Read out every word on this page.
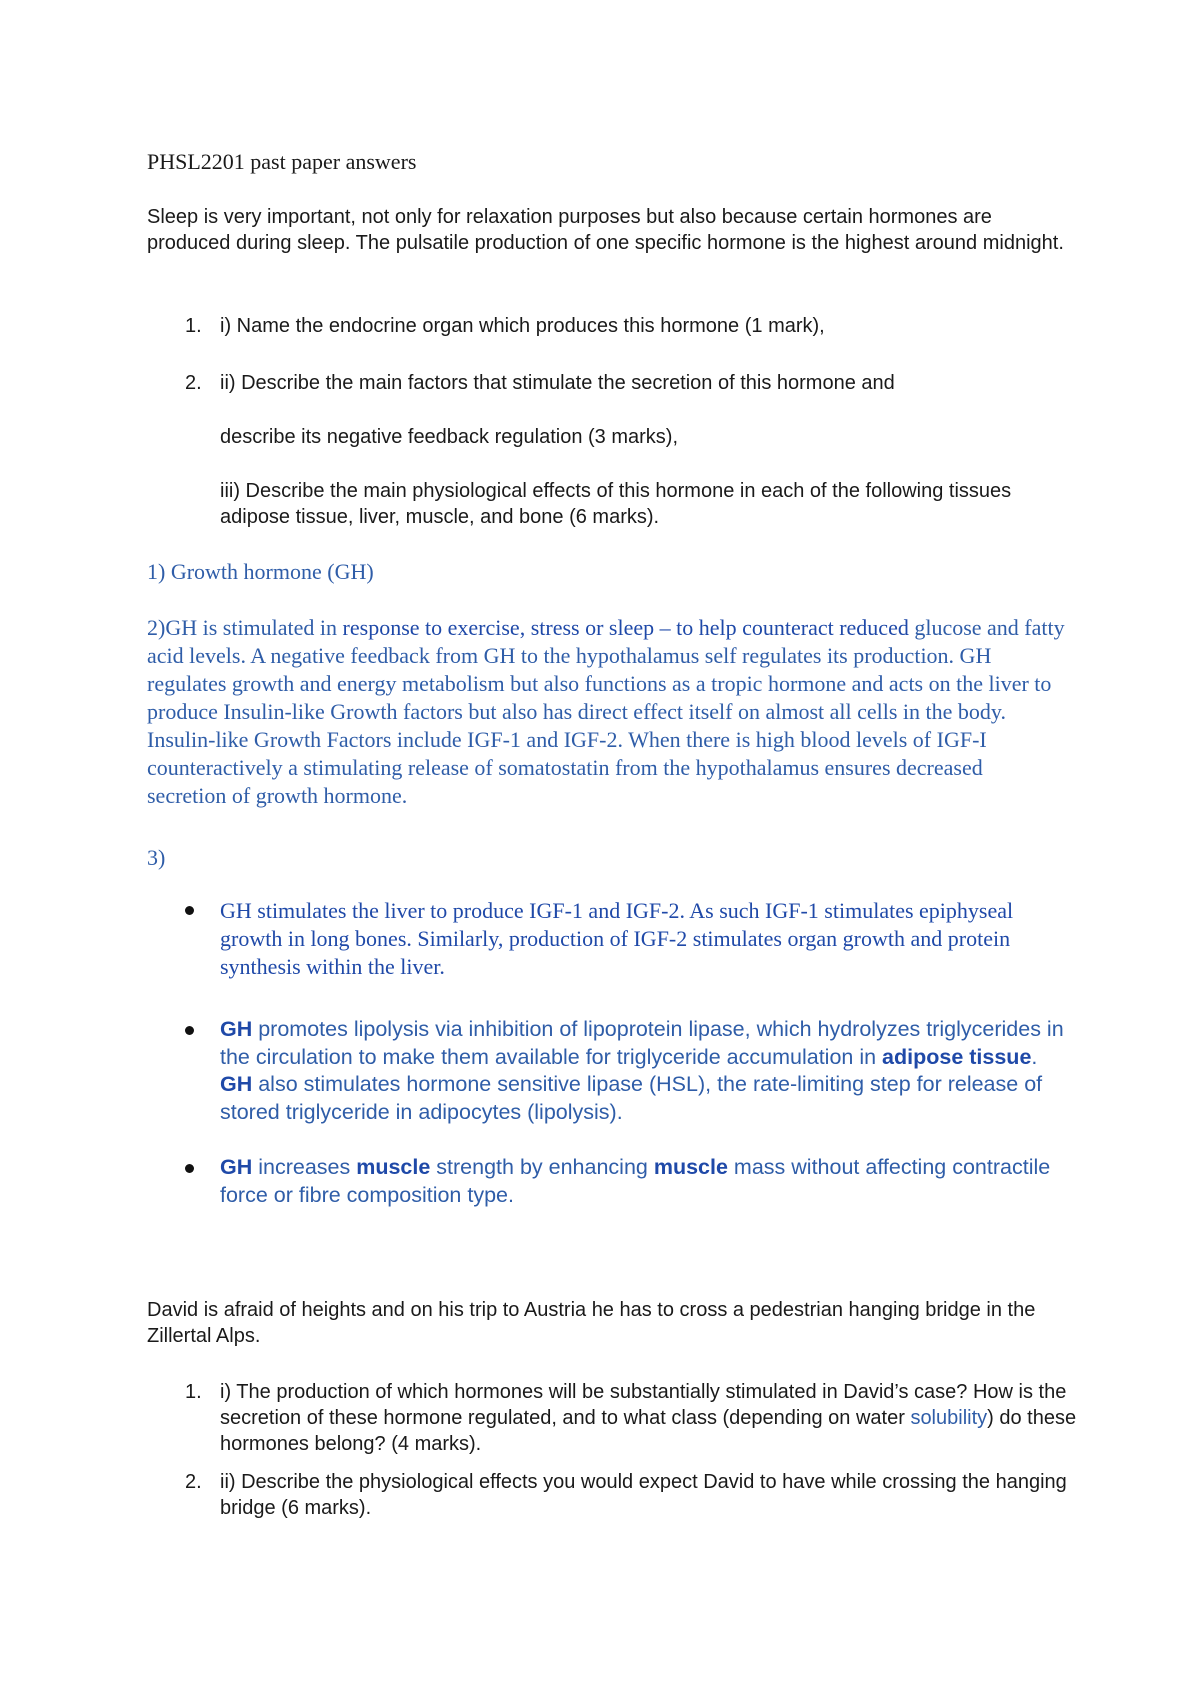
PHSL2201 past paper answers

Sleep is very important, not only for relaxation purposes but also because certain hormones are produced during sleep. The pulsatile production of one specific hormone is the highest around midnight.

1. i) Name the endocrine organ which produces this hormone (1 mark),

2. ii) Describe the main factors that stimulate the secretion of this hormone and

describe its negative feedback regulation (3 marks),

iii) Describe the main physiological effects of this hormone in each of the following tissues adipose tissue, liver, muscle, and bone (6 marks).

1) Growth hormone (GH)

2)GH is stimulated in response to exercise, stress or sleep – to help counteract reduced glucose and fatty acid levels. A negative feedback from GH to the hypothalamus self regulates its production. GH regulates growth and energy metabolism but also functions as a tropic hormone and acts on the liver to produce Insulin-like Growth factors but also has direct effect itself on almost all cells in the body. Insulin-like Growth Factors include IGF-1 and IGF-2. When there is high blood levels of IGF-I counteractively a stimulating release of somatostatin from the hypothalamus ensures decreased secretion of growth hormone.

3)

GH stimulates the liver to produce IGF-1 and IGF-2. As such IGF-1 stimulates epiphyseal growth in long bones. Similarly, production of IGF-2 stimulates organ growth and protein synthesis within the liver.

GH promotes lipolysis via inhibition of lipoprotein lipase, which hydrolyzes triglycerides in the circulation to make them available for triglyceride accumulation in adipose tissue. GH also stimulates hormone sensitive lipase (HSL), the rate-limiting step for release of stored triglyceride in adipocytes (lipolysis).

GH increases muscle strength by enhancing muscle mass without affecting contractile force or fibre composition type.

David is afraid of heights and on his trip to Austria he has to cross a pedestrian hanging bridge in the Zillertal Alps.

1. i) The production of which hormones will be substantially stimulated in David’s case? How is the secretion of these hormone regulated, and to what class (depending on water solubility) do these hormones belong? (4 marks).

2. ii) Describe the physiological effects you would expect David to have while crossing the hanging bridge (6 marks).
